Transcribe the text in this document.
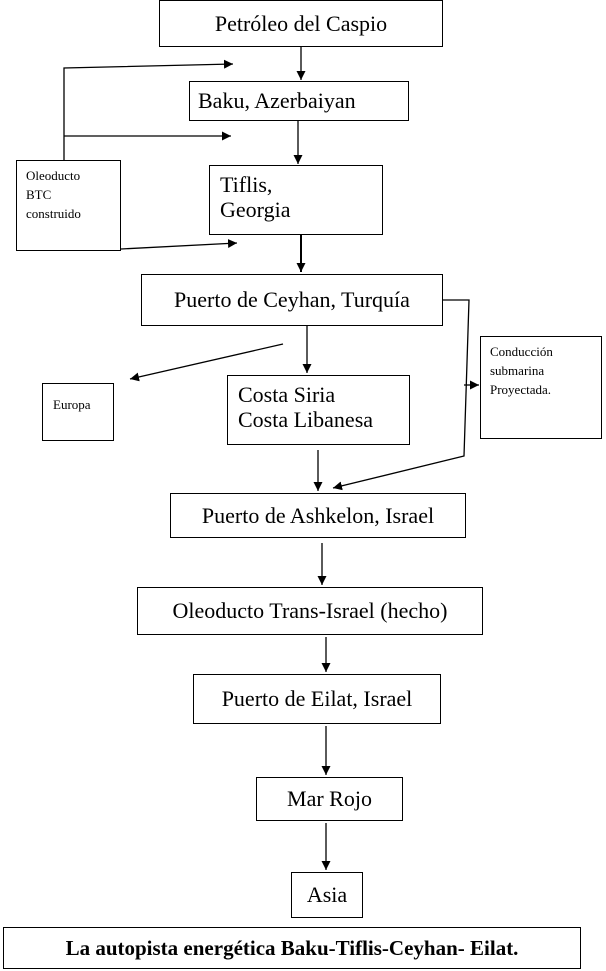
Petróleo del Caspio
Baku, Azerbaiyan
Tiflis,
Georgia
Puerto de Ceyhan, Turquía
Oleoducto
BTC
construido
Europa	Costa Siria
Costa Libanesa
Conducción
submarina
Proyectada.
Puerto de Ashkelon, Israel
Oleoducto Trans-Israel (hecho)
Puerto de Eilat, Israel
Mar Rojo
Asia
La autopista energética Baku-Tiflis-Ceyhan- Eilat.
